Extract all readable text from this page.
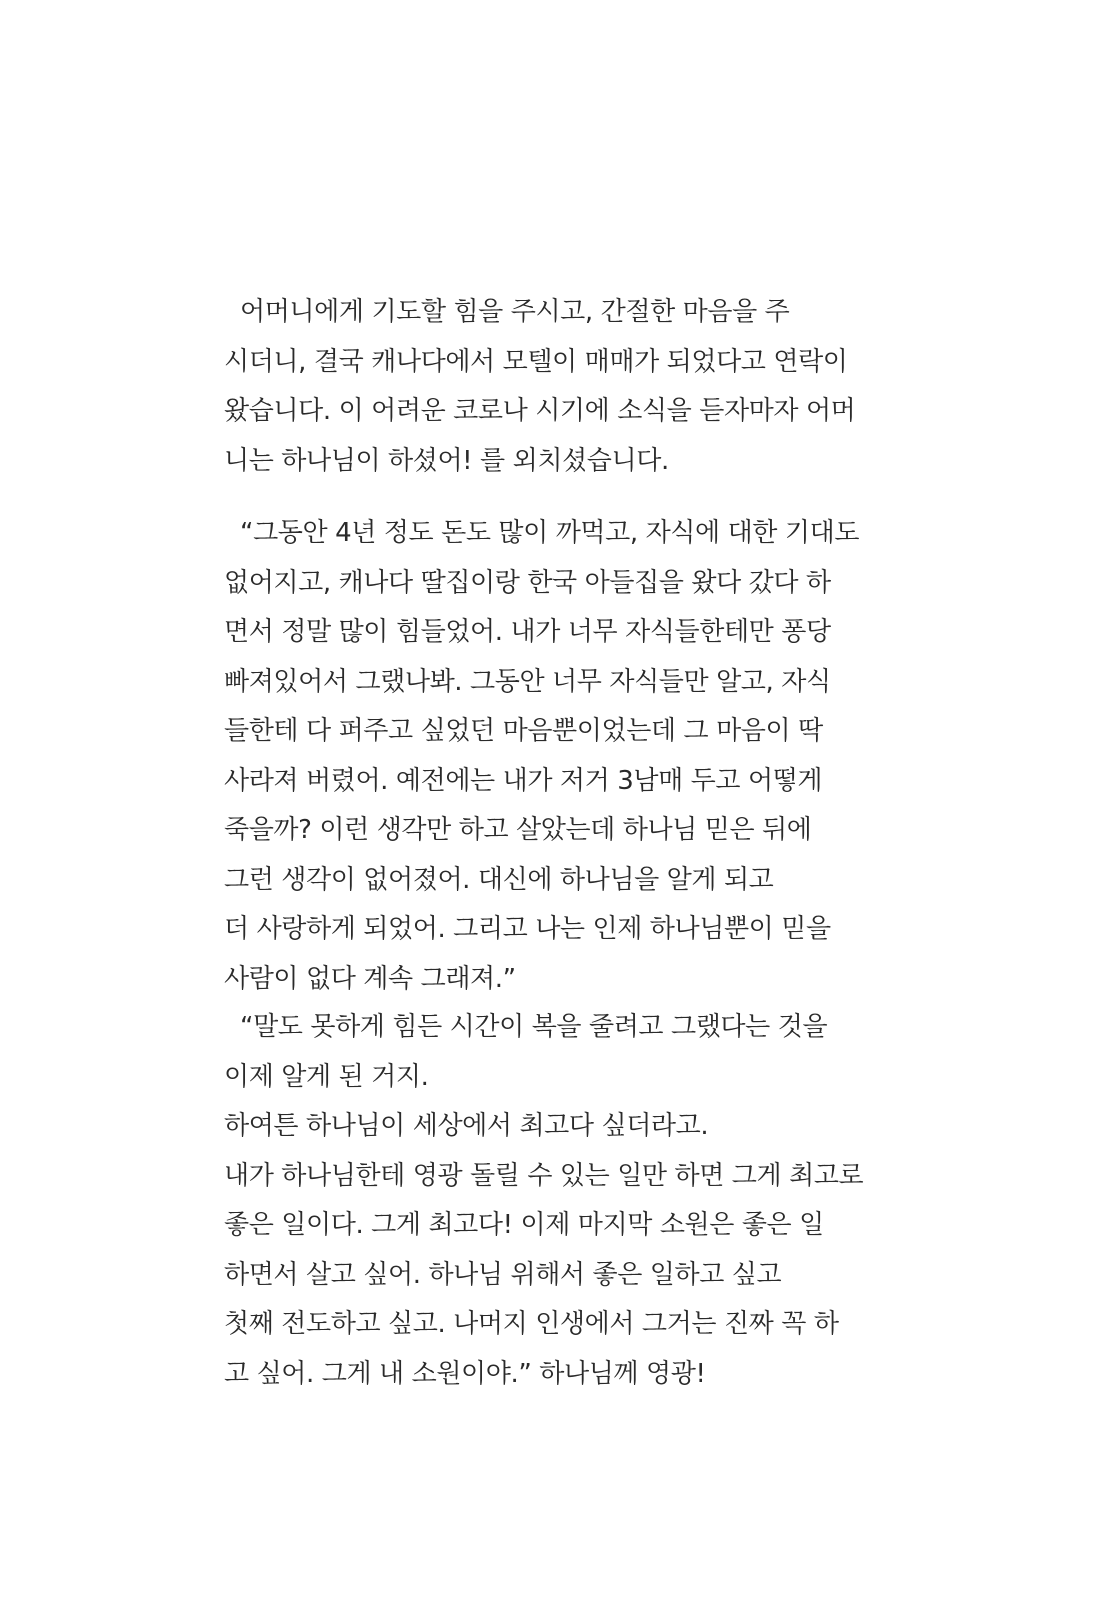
어머니에게 기도할 힘을 주시고, 간절한 마음을 주
시더니, 결국 캐나다에서 모텔이 매매가 되었다고 연락이
왔습니다. 이 어려운 코로나 시기에 소식을 듣자마자 어머
니는 하나님이 하셨어! 를 외치셨습니다.
“그동안 4년 정도 돈도 많이 까먹고, 자식에 대한 기대도
없어지고, 캐나다 딸집이랑 한국 아들집을 왔다 갔다 하
면서 정말 많이 힘들었어. 내가 너무 자식들한테만 퐁당
빠져있어서 그랬나봐. 그동안 너무 자식들만 알고, 자식
들한테 다 퍼주고 싶었던 마음뿐이었는데 그 마음이 딱
사라져 버렸어. 예전에는 내가 저거 3남매 두고 어떻게
죽을까? 이런 생각만 하고 살았는데 하나님 믿은 뒤에
그런 생각이 없어졌어. 대신에 하나님을 알게 되고
더 사랑하게 되었어. 그리고 나는 인제 하나님뿐이 믿을
사람이 없다 계속 그래져.”
“말도 못하게 힘든 시간이 복을 줄려고 그랬다는 것을
이제 알게 된 거지.
하여튼 하나님이 세상에서 최고다 싶더라고.
내가 하나님한테 영광 돌릴 수 있는 일만 하면 그게 최고로
좋은 일이다. 그게 최고다! 이제 마지막 소원은 좋은 일
하면서 살고 싶어. 하나님 위해서 좋은 일하고 싶고
첫째 전도하고 싶고. 나머지 인생에서 그거는 진짜 꼭 하
고 싶어. 그게 내 소원이야.” 하나님께 영광!
